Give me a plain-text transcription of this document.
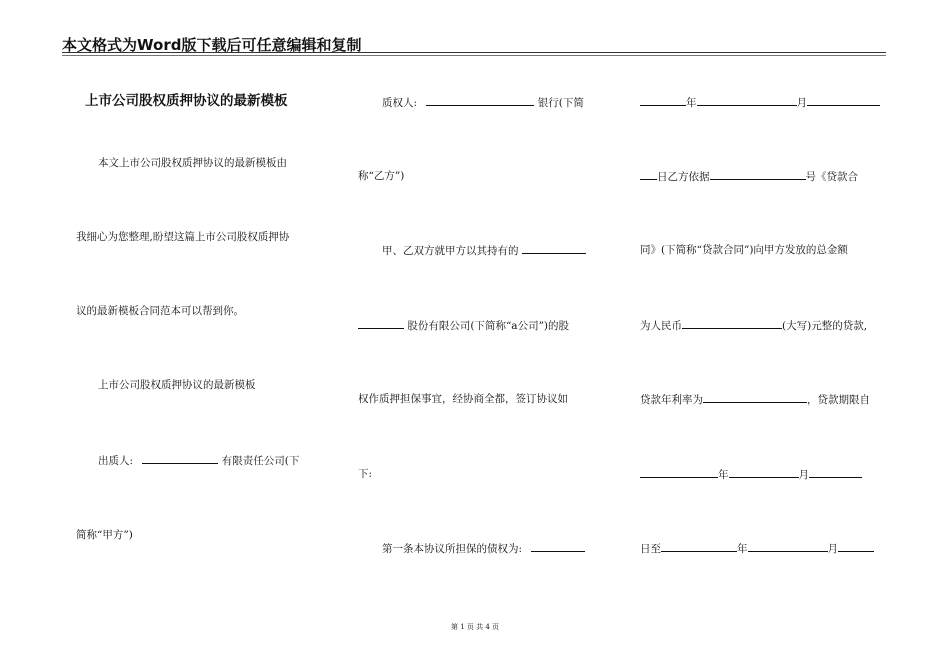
本文格式为Word版下载后可任意编辑和复制
上市公司股权质押协议的最新模板
本文上市公司股权质押协议的最新模板由
我细心为您整理,盼望这篇上市公司股权质押协
议的最新模板合同范本可以帮到你。
上市公司股权质押协议的最新模板
出质人:	有限责任公司(下
简称“甲方”)
质权人:	银行(下简
称“乙方”)
甲、乙双方就甲方以其持有的
股份有限公司(下简称“a公司”)的股
权作质押担保事宜，经协商全都，签订协议如
下:
第一条本协议所担保的债权为:
年	月
日乙方依据	号《贷款合
同》(下简称“贷款合同”)向甲方发放的总金额
为人民币	(大写)元整的贷款,
贷款年利率为	，贷款期限自
年	月
日至	年	月
第 1 页 共 4 页
